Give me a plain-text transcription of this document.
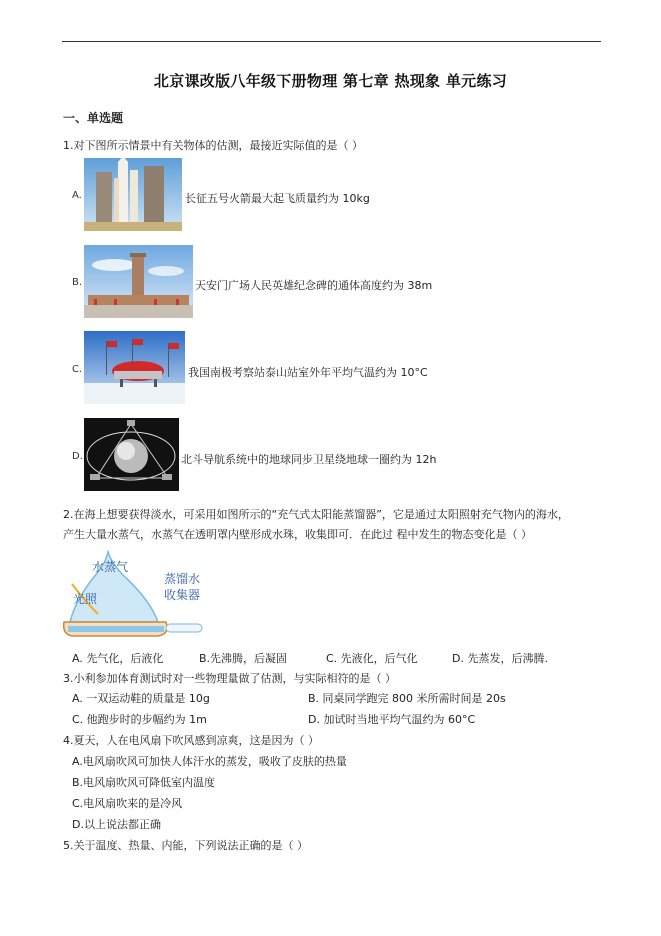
北京课改版八年级下册物理 第七章 热现象 单元练习
一、单选题
1.对下图所示情景中有关物体的估测，最接近实际值的是（ ）
A.	长征五号火箭最大起飞质量约为 10kg
B.	天安门广场人民英雄纪念碑的通体高度约为 38m
C.	我国南极考察站泰山站室外年平均气温约为 10°C
D.	北斗导航系统中的地球同步卫星绕地球一圈约为 12h
2.在海上想要获得淡水，可采用如图所示的“充气式太阳能蒸馏器”，它是通过太阳照射充气物内的海水，
产生大量水蒸气，水蒸气在透明罩内壁形成水珠，收集即可．在此过 程中发生的物态变化是（ ）
水蒸气
光照
蒸馏水
收集器
A. 先气化，后液化	B.先沸腾，后凝固	C. 先液化，后气化	D. 先蒸发，后沸腾.
3.小利参加体育测试时对一些物理量做了估测，与实际相符的是（ ）
A. 一双运动鞋的质量是 10g	B. 同桌同学跑完 800 米所需时间是 20s
C. 他跑步时的步幅约为 1m	D. 加试时当地平均气温约为 60°C
4.夏天，人在电风扇下吹风感到凉爽，这是因为（ ）
A.电风扇吹风可加快人体汗水的蒸发，吸收了皮肤的热量
B.电风扇吹风可降低室内温度
C.电风扇吹来的是冷风
D.以上说法都正确
5.关于温度、热量、内能，下列说法正确的是（ ）
